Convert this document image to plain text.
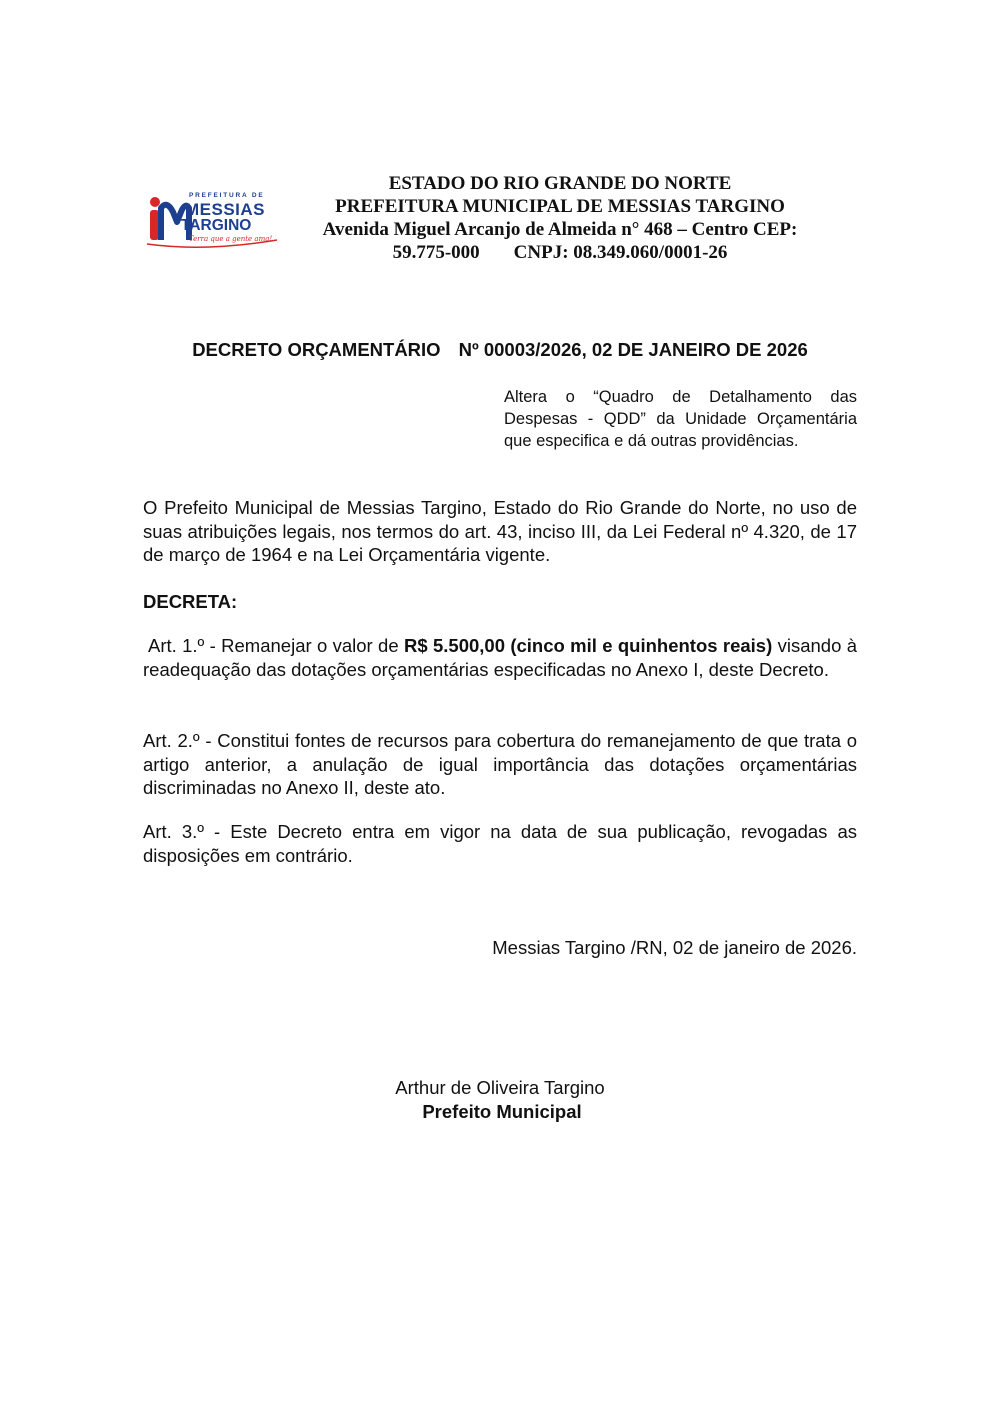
PREFEITURA DE
MESSIAS
TARGINO
Terra que a gente ama!
ESTADO DO RIO GRANDE DO NORTE
PREFEITURA MUNICIPAL DE MESSIAS TARGINO
Avenida Miguel Arcanjo de Almeida n° 468 – Centro CEP:
59.775-000 CNPJ: 08.349.060/0001-26
DECRETO ORÇAMENTÁRIO Nº 00003/2026, 02 DE JANEIRO DE 2026
Altera o “Quadro de Detalhamento das Despesas - QDD” da Unidade Orçamentária que especifica e dá outras providências.
O Prefeito Municipal de Messias Targino, Estado do Rio Grande do Norte, no uso de suas atribuições legais, nos termos do art. 43, inciso III, da Lei Federal nº 4.320, de 17 de março de 1964 e na Lei Orçamentária vigente.
DECRETA:
Art. 1.º - Remanejar o valor de R$ 5.500,00 (cinco mil e quinhentos reais) visando à readequação das dotações orçamentárias especificadas no Anexo I, deste Decreto.
Art. 2.º - Constitui fontes de recursos para cobertura do remanejamento de que trata o artigo anterior, a anulação de igual importância das dotações orçamentárias discriminadas no Anexo II, deste ato.
Art. 3.º - Este Decreto entra em vigor na data de sua publicação, revogadas as disposições em contrário.
Messias Targino /RN, 02 de janeiro de 2026.
Arthur de Oliveira Targino
Prefeito Municipal
